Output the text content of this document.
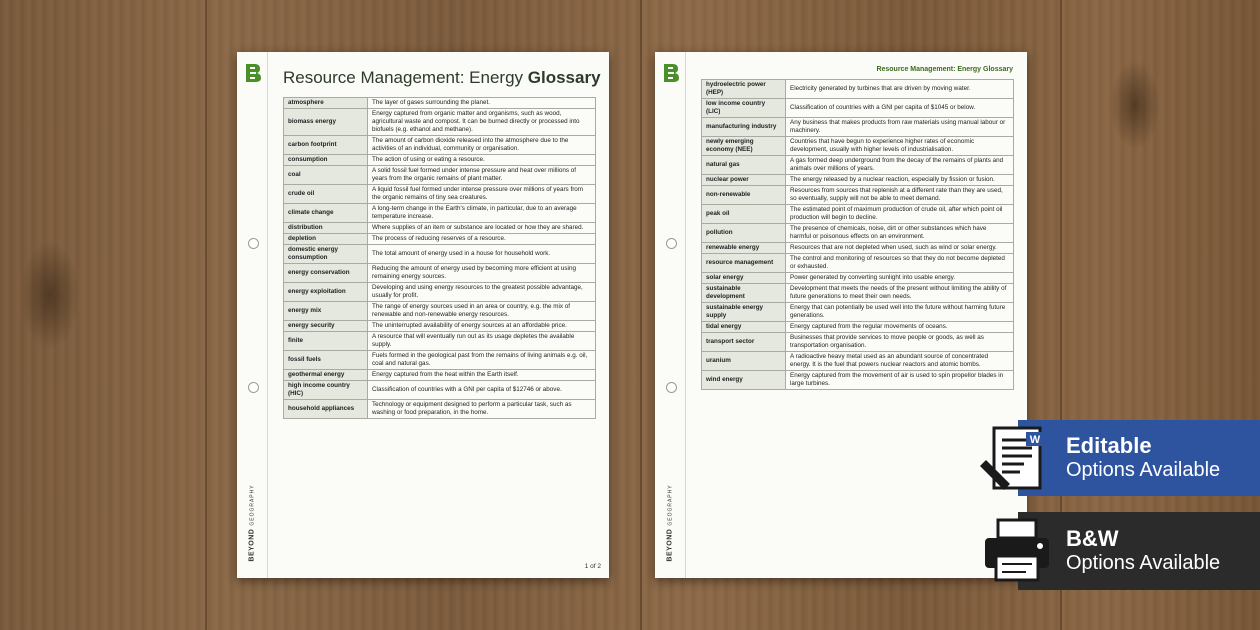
BEYONDGEOGRAPHY
Resource Management: Energy Glossary
atmosphere	The layer of gases surrounding the planet.
biomass energy	Energy captured from organic matter and organisms, such as wood, agricultural waste and compost. It can be burned directly or processed into biofuels (e.g. ethanol and methane).
carbon footprint	The amount of carbon dioxide released into the atmosphere due to the activities of an individual, community or organisation.
consumption	The action of using or eating a resource.
coal	A solid fossil fuel formed under intense pressure and heat over millions of years from the organic remains of plant matter.
crude oil	A liquid fossil fuel formed under intense pressure over millions of years from the organic remains of tiny sea creatures.
climate change	A long-term change in the Earth's climate, in particular, due to an average temperature increase.
distribution	Where supplies of an item or substance are located or how they are shared.
depletion	The process of reducing reserves of a resource.
domestic energy consumption	The total amount of energy used in a house for household work.
energy conservation	Reducing the amount of energy used by becoming more efficient at using remaining energy sources.
energy exploitation	Developing and using energy resources to the greatest possible advantage, usually for profit.
energy mix	The range of energy sources used in an area or country, e.g. the mix of renewable and non-renewable energy resources.
energy security	The uninterrupted availability of energy sources at an affordable price.
finite	A resource that will eventually run out as its usage depletes the available supply.
fossil fuels	Fuels formed in the geological past from the remains of living animals e.g. oil, coal and natural gas.
geothermal energy	Energy captured from the heat within the Earth itself.
high income country (HIC)	Classification of countries with a GNI per capita of $12746 or above.
household appliances	Technology or equipment designed to perform a particular task, such as washing or food preparation, in the home.
1 of 2
BEYONDGEOGRAPHY
Resource Management: Energy Glossary
hydroelectric power (HEP)	Electricity generated by turbines that are driven by moving water.
low income country (LIC)	Classification of countries with a GNI per capita of $1045 or below.
manufacturing industry	Any business that makes products from raw materials using manual labour or machinery.
newly emerging economy (NEE)	Countries that have begun to experience higher rates of economic development, usually with higher levels of industrialisation.
natural gas	A gas formed deep underground from the decay of the remains of plants and animals over millions of years.
nuclear power	The energy released by a nuclear reaction, especially by fission or fusion.
non-renewable	Resources from sources that replenish at a different rate than they are used, so eventually, supply will not be able to meet demand.
peak oil	The estimated point of maximum production of crude oil, after which point oil production will begin to decline.
pollution	The presence of chemicals, noise, dirt or other substances which have harmful or poisonous effects on an environment.
renewable energy	Resources that are not depleted when used, such as wind or solar energy.
resource management	The control and monitoring of resources so that they do not become depleted or exhausted.
solar energy	Power generated by converting sunlight into usable energy.
sustainable development	Development that meets the needs of the present without limiting the ability of future generations to meet their own needs.
sustainable energy supply	Energy that can potentially be used well into the future without harming future generations.
tidal energy	Energy captured from the regular movements of oceans.
transport sector	Businesses that provide services to move people or goods, as well as transportation organisation.
uranium	A radioactive heavy metal used as an abundant source of concentrated energy. It is the fuel that powers nuclear reactors and atomic bombs.
wind energy	Energy captured from the movement of air is used to spin propellor blades in large turbines.
W Editable
Options Available
B&W
Options Available
